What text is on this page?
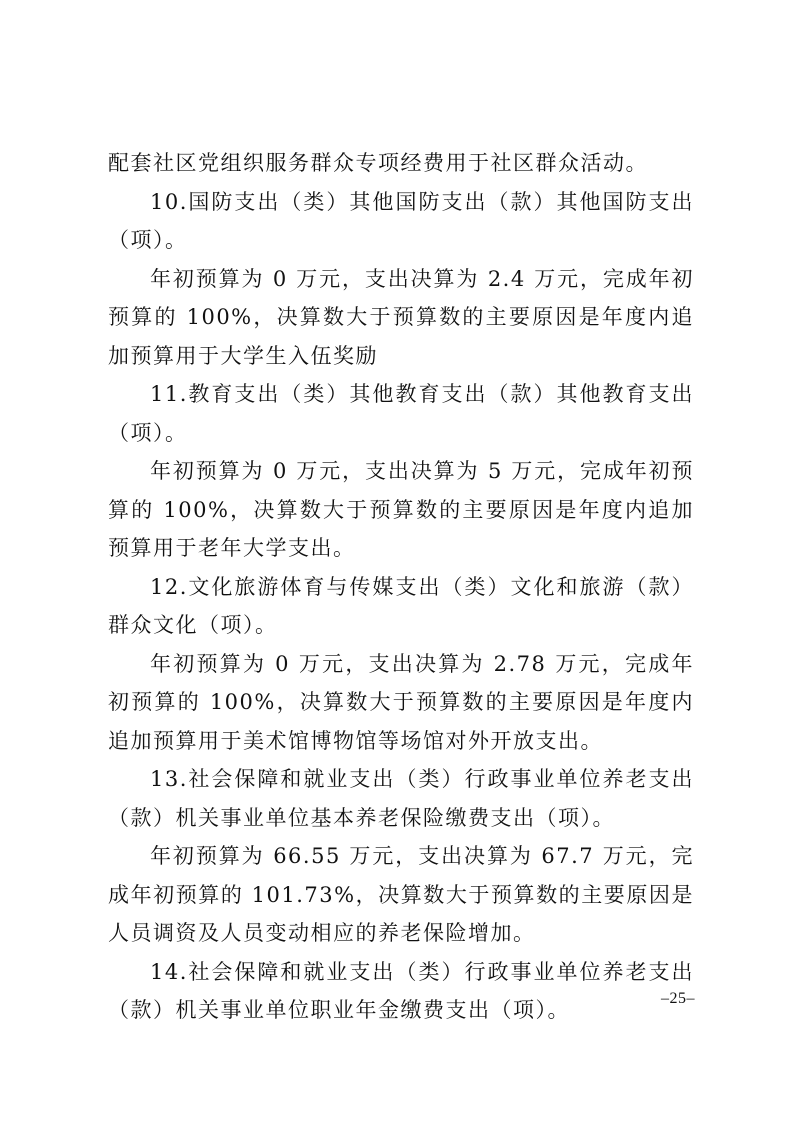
配套社区党组织服务群众专项经费用于社区群众活动。

10.国防支出（类）其他国防支出（款）其他国防支出（项）。

年初预算为 0 万元，支出决算为 2.4 万元，完成年初预算的 100%，决算数大于预算数的主要原因是年度内追加预算用于大学生入伍奖励

11.教育支出（类）其他教育支出（款）其他教育支出（项）。

年初预算为 0 万元，支出决算为 5 万元，完成年初预算的 100%，决算数大于预算数的主要原因是年度内追加预算用于老年大学支出。

12.文化旅游体育与传媒支出（类）文化和旅游（款）群众文化（项）。

年初预算为 0 万元，支出决算为 2.78 万元，完成年初预算的 100%，决算数大于预算数的主要原因是年度内追加预算用于美术馆博物馆等场馆对外开放支出。

13.社会保障和就业支出（类）行政事业单位养老支出（款）机关事业单位基本养老保险缴费支出（项）。

年初预算为 66.55 万元，支出决算为 67.7 万元，完成年初预算的 101.73%，决算数大于预算数的主要原因是人员调资及人员变动相应的养老保险增加。

14.社会保障和就业支出（类）行政事业单位养老支出（款）机关事业单位职业年金缴费支出（项）。	–25–
